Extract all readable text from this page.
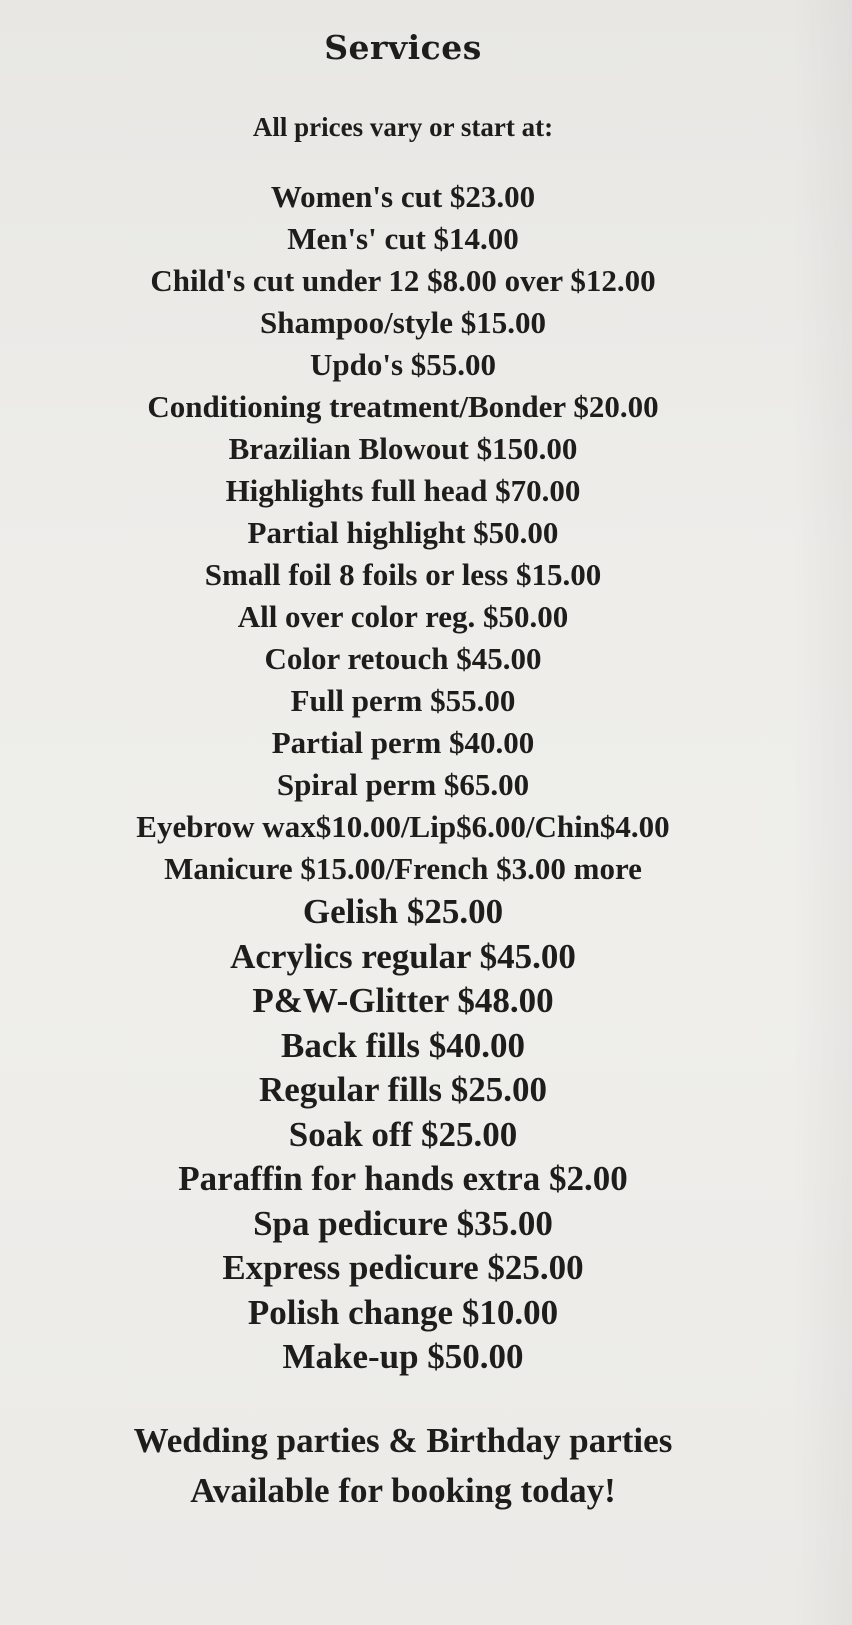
Services
All prices vary or start at:
Women's cut $23.00
Men's' cut $14.00
Child's cut under 12 $8.00 over $12.00
Shampoo/style $15.00
Updo's $55.00
Conditioning treatment/Bonder $20.00
Brazilian Blowout $150.00
Highlights full head $70.00
Partial highlight $50.00
Small foil 8 foils or less $15.00
All over color reg. $50.00
Color retouch $45.00
Full perm $55.00
Partial perm $40.00
Spiral perm $65.00
Eyebrow wax$10.00/Lip$6.00/Chin$4.00
Manicure $15.00/French $3.00 more
Gelish $25.00
Acrylics regular $45.00
P&W-Glitter $48.00
Back fills $40.00
Regular fills $25.00
Soak off $25.00
Paraffin for hands extra $2.00
Spa pedicure $35.00
Express pedicure $25.00
Polish change $10.00
Make-up $50.00
Wedding parties & Birthday parties
Available for booking today!
